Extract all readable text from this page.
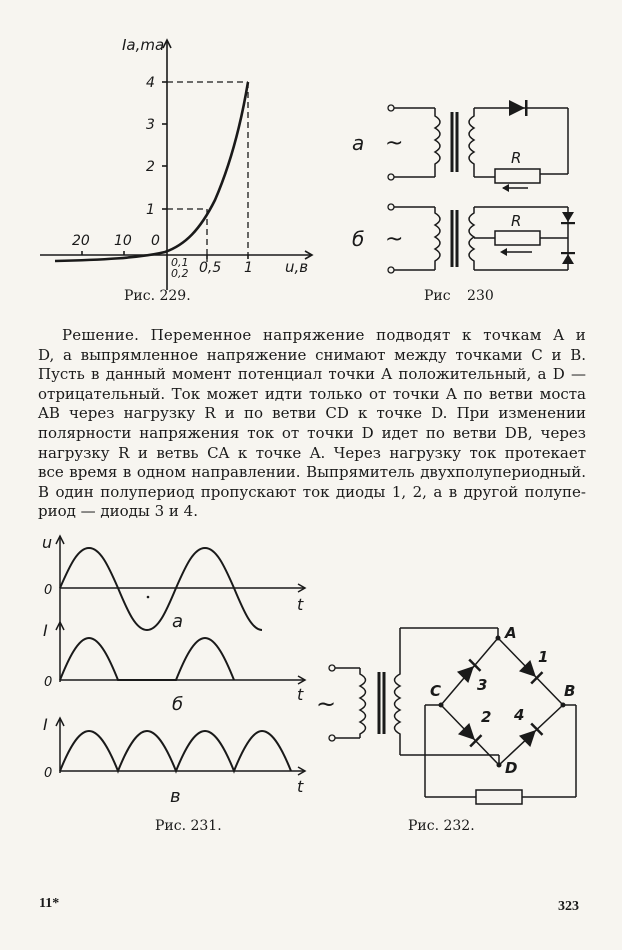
Ia,ma
u,в
4
3
2
1
20 10 0
0,1
0,2 0,5 1
Рис. 229.
а
б
~
~
R
R
Рис 230
Решение. Переменное напряжение подводят к точкам A и
D, а выпрямленное напряжение снимают между точками C и B.
Пусть в данный момент потенциал точки A положительный, а D —
отрицательный. Ток может идти только от точки A по ветви моста
AB через нагрузку R и по ветви CD к точке D. При изменении
полярности напряжения ток от точки D идет по ветви DB, через
нагрузку R и ветвь CA к точке A. Через нагрузку ток протекает
все время в одном направлении. Выпрямитель двухполупериодный.
В один полупериод пропускают ток диоды 1, 2, а в другой полупе-
риод — диоды 3 и 4.
u
0
t
а
I
0
t
б
I
0
t
в
Рис. 231.
A
B
C
D
3
1
2 4
~
Рис. 232.
11*	323
